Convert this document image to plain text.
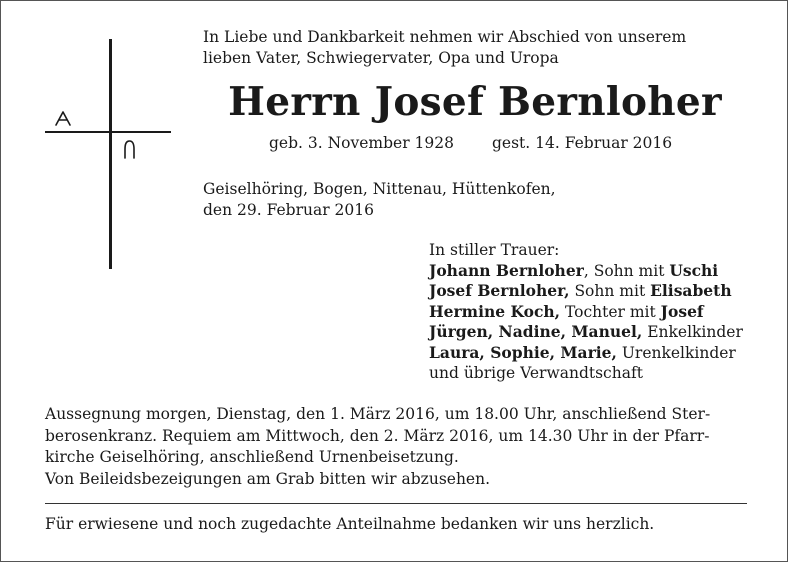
In Liebe und Dankbarkeit nehmen wir Abschied von unserem
lieben Vater, Schwiegervater, Opa und Uropa
Herrn Josef Bernloher
geb. 3. November 1928 gest. 14. Februar 2016
Geiselhöring, Bogen, Nittenau, Hüttenkofen,
den 29. Februar 2016
In stiller Trauer:
Johann Bernloher, Sohn mit Uschi
Josef Bernloher, Sohn mit Elisabeth
Hermine Koch, Tochter mit Josef
Jürgen, Nadine, Manuel, Enkelkinder
Laura, Sophie, Marie, Urenkelkinder
und übrige Verwandtschaft
Aussegnung morgen, Dienstag, den 1. März 2016, um 18.00 Uhr, anschließend Ster-
berosenkranz. Requiem am Mittwoch, den 2. März 2016, um 14.30 Uhr in der Pfarr-
kirche Geiselhöring, anschließend Urnenbeisetzung.
Von Beileidsbezeigungen am Grab bitten wir abzusehen.
Für erwiesene und noch zugedachte Anteilnahme bedanken wir uns herzlich.
